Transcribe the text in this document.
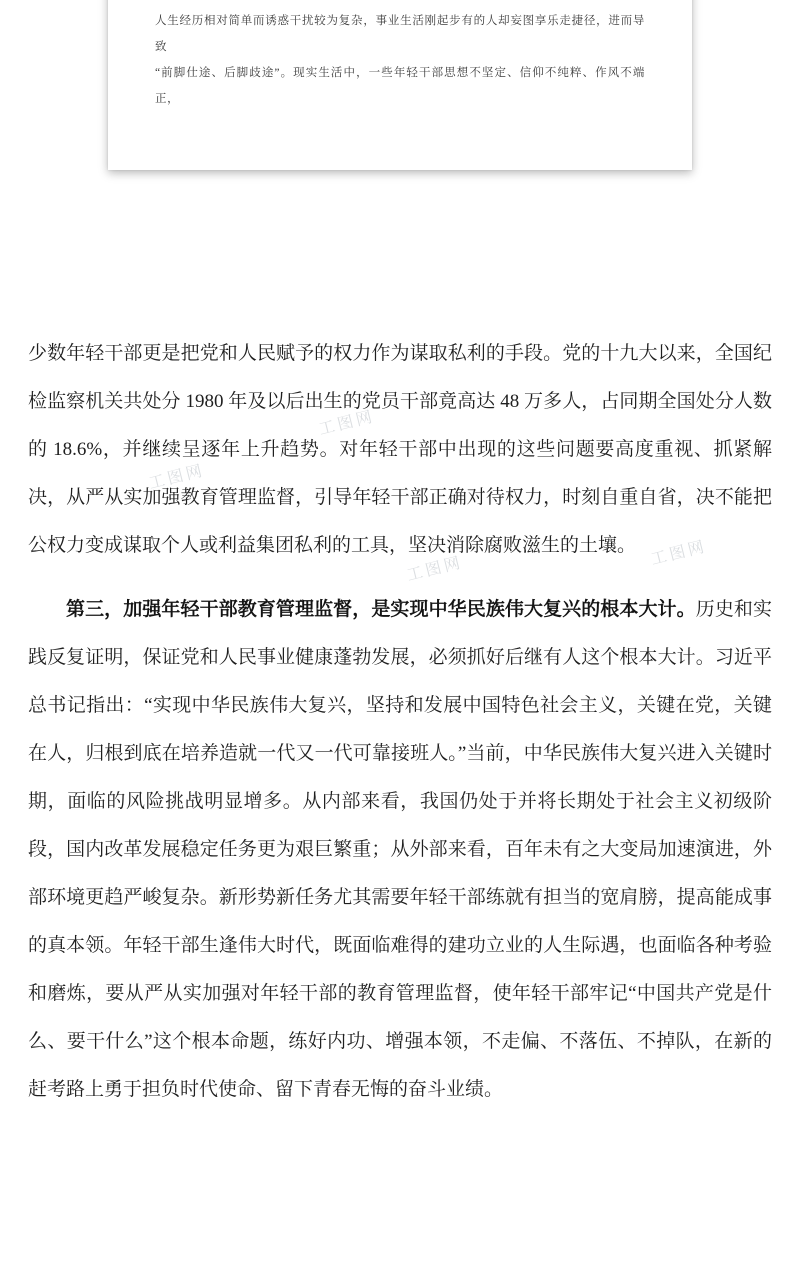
人生经历相对简单而诱惑干扰较为复杂，事业生活刚起步有的人却妄图享乐走捷径，进而导致

“前脚仕途、后脚歧途”。现实生活中，一些年轻干部思想不坚定、信仰不纯粹、作风不端正，

工图网
工图网
工图网
工图网

少数年轻干部更是把党和人民赋予的权力作为谋取私利的手段。党的十九大以来，全国纪检监察机关共处分 1980 年及以后出生的党员干部竟高达 48 万多人，占同期全国处分人数的 18.6%，并继续呈逐年上升趋势。对年轻干部中出现的这些问题要高度重视、抓紧解决，从严从实加强教育管理监督，引导年轻干部正确对待权力，时刻自重自省，决不能把公权力变成谋取个人或利益集团私利的工具，坚决消除腐败滋生的土壤。

第三，加强年轻干部教育管理监督，是实现中华民族伟大复兴的根本大计。历史和实践反复证明，保证党和人民事业健康蓬勃发展，必须抓好后继有人这个根本大计。习近平总书记指出：“实现中华民族伟大复兴，坚持和发展中国特色社会主义，关键在党，关键在人，归根到底在培养造就一代又一代可靠接班人。”当前，中华民族伟大复兴进入关键时期，面临的风险挑战明显增多。从内部来看，我国仍处于并将长期处于社会主义初级阶段，国内改革发展稳定任务更为艰巨繁重；从外部来看，百年未有之大变局加速演进，外部环境更趋严峻复杂。新形势新任务尤其需要年轻干部练就有担当的宽肩膀，提高能成事的真本领。年轻干部生逢伟大时代，既面临难得的建功立业的人生际遇，也面临各种考验和磨炼，要从严从实加强对年轻干部的教育管理监督，使年轻干部牢记“中国共产党是什么、要干什么”这个根本命题，练好内功、增强本领，不走偏、不落伍、不掉队，在新的赶考路上勇于担负时代使命、留下青春无悔的奋斗业绩。
